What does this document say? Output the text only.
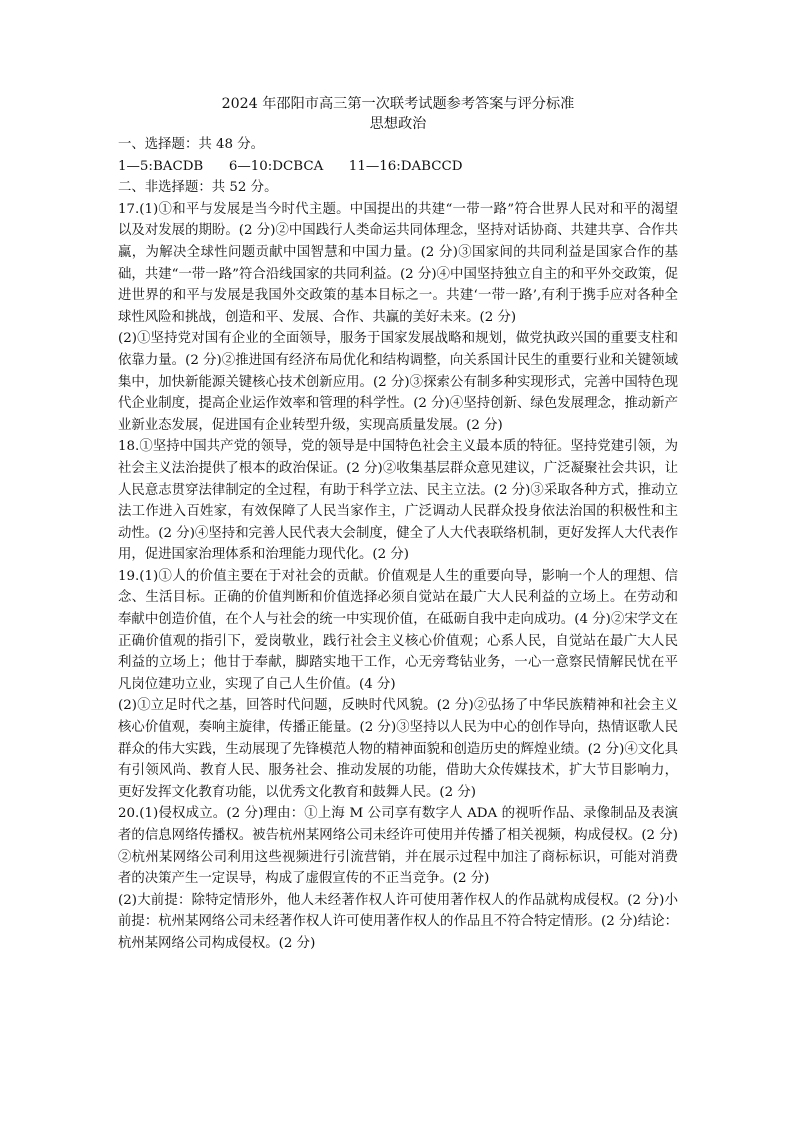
2024 年邵阳市高三第一次联考试题参考答案与评分标准
思想政治

一、选择题：共 48 分。

1—5:BACDB      6—10:DCBCA      11—16:DABCCD

二、非选择题：共 52 分。

17.(1)①和平与发展是当今时代主题。中国提出的共建“一带一路”符合世界人民对和平的渴望以及对发展的期盼。(2 分)②中国践行人类命运共同体理念，坚持对话协商、共建共享、合作共赢，为解决全球性问题贡献中国智慧和中国力量。(2 分)③国家间的共同利益是国家合作的基础，共建“一带一路”符合沿线国家的共同利益。(2 分)④中国坚持独立自主的和平外交政策，促进世界的和平与发展是我国外交政策的基本目标之一。共建‘一带一路’,有利于携手应对各种全球性风险和挑战，创造和平、发展、合作、共赢的美好未来。(2 分)

(2)①坚持党对国有企业的全面领导，服务于国家发展战略和规划，做党执政兴国的重要支柱和依靠力量。(2 分)②推进国有经济布局优化和结构调整，向关系国计民生的重要行业和关键领域集中，加快新能源关键核心技术创新应用。(2 分)③探索公有制多种实现形式，完善中国特色现代企业制度，提高企业运作效率和管理的科学性。(2 分)④坚持创新、绿色发展理念，推动新产业新业态发展，促进国有企业转型升级，实现高质量发展。(2 分)

18.①坚持中国共产党的领导，党的领导是中国特色社会主义最本质的特征。坚持党建引领，为社会主义法治提供了根本的政治保证。(2 分)②收集基层群众意见建议，广泛凝聚社会共识，让人民意志贯穿法律制定的全过程，有助于科学立法、民主立法。(2 分)③采取各种方式，推动立法工作进入百姓家，有效保障了人民当家作主，广泛调动人民群众投身依法治国的积极性和主动性。(2 分)④坚持和完善人民代表大会制度，健全了人大代表联络机制，更好发挥人大代表作用，促进国家治理体系和治理能力现代化。(2 分)

19.(1)①人的价值主要在于对社会的贡献。价值观是人生的重要向导，影响一个人的理想、信念、生活目标。正确的价值判断和价值选择必须自觉站在最广大人民利益的立场上。在劳动和奉献中创造价值，在个人与社会的统一中实现价值，在砥砺自我中走向成功。(4 分)②宋学文在正确价值观的指引下，爱岗敬业，践行社会主义核心价值观；心系人民，自觉站在最广大人民利益的立场上；他甘于奉献，脚踏实地干工作，心无旁骛钻业务，一心一意察民情解民忧在平凡岗位建功立业，实现了自己人生价值。(4 分)

(2)①立足时代之基，回答时代问题，反映时代风貌。(2 分)②弘扬了中华民族精神和社会主义核心价值观，奏响主旋律，传播正能量。(2 分)③坚持以人民为中心的创作导向，热情讴歌人民群众的伟大实践，生动展现了先锋模范人物的精神面貌和创造历史的辉煌业绩。(2 分)④文化具有引领风尚、教育人民、服务社会、推动发展的功能，借助大众传媒技术，扩大节目影响力，更好发挥文化教育功能，以优秀文化教育和鼓舞人民。(2 分)

20.(1)侵权成立。(2 分)理由：①上海 M 公司享有数字人 ADA 的视听作品、录像制品及表演者的信息网络传播权。被告杭州某网络公司未经许可使用并传播了相关视频，构成侵权。(2 分)②杭州某网络公司利用这些视频进行引流营销，并在展示过程中加注了商标标识，可能对消费者的决策产生一定误导，构成了虚假宣传的不正当竞争。(2 分)

(2)大前提：除特定情形外，他人未经著作权人许可使用著作权人的作品就构成侵权。(2 分)小前提：杭州某网络公司未经著作权人许可使用著作权人的作品且不符合特定情形。(2 分)结论：杭州某网络公司构成侵权。(2 分)
